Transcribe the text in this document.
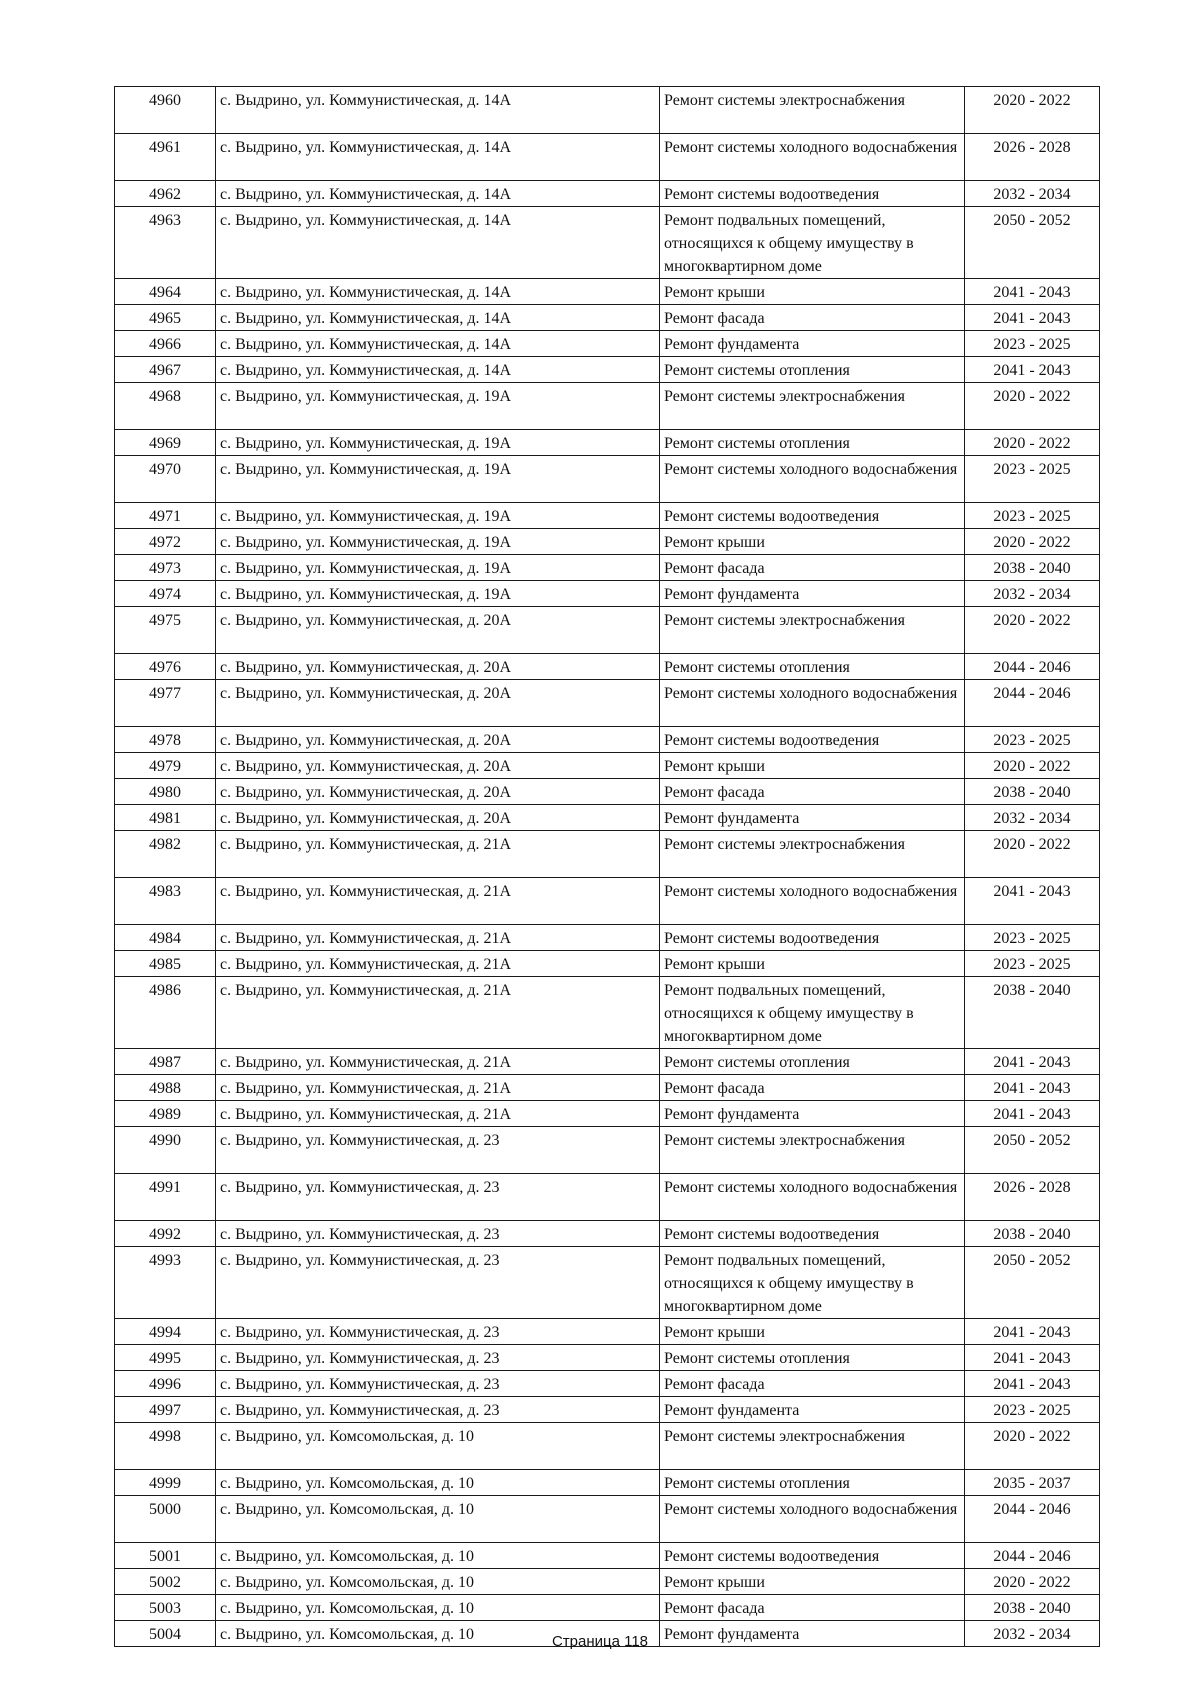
4960	с. Выдрино, ул. Коммунистическая, д. 14А	Ремонт системы электроснабжения	2020 - 2022
4961	с. Выдрино, ул. Коммунистическая, д. 14А	Ремонт системы холодного водоснабжения	2026 - 2028
4962	с. Выдрино, ул. Коммунистическая, д. 14А	Ремонт системы водоотведения	2032 - 2034
4963	с. Выдрино, ул. Коммунистическая, д. 14А	Ремонт подвальных помещений, относящихся к общему имуществу в многоквартирном доме	2050 - 2052
4964	с. Выдрино, ул. Коммунистическая, д. 14А	Ремонт крыши	2041 - 2043
4965	с. Выдрино, ул. Коммунистическая, д. 14А	Ремонт фасада	2041 - 2043
4966	с. Выдрино, ул. Коммунистическая, д. 14А	Ремонт фундамента	2023 - 2025
4967	с. Выдрино, ул. Коммунистическая, д. 14А	Ремонт системы отопления	2041 - 2043
4968	с. Выдрино, ул. Коммунистическая, д. 19А	Ремонт системы электроснабжения	2020 - 2022
4969	с. Выдрино, ул. Коммунистическая, д. 19А	Ремонт системы отопления	2020 - 2022
4970	с. Выдрино, ул. Коммунистическая, д. 19А	Ремонт системы холодного водоснабжения	2023 - 2025
4971	с. Выдрино, ул. Коммунистическая, д. 19А	Ремонт системы водоотведения	2023 - 2025
4972	с. Выдрино, ул. Коммунистическая, д. 19А	Ремонт крыши	2020 - 2022
4973	с. Выдрино, ул. Коммунистическая, д. 19А	Ремонт фасада	2038 - 2040
4974	с. Выдрино, ул. Коммунистическая, д. 19А	Ремонт фундамента	2032 - 2034
4975	с. Выдрино, ул. Коммунистическая, д. 20А	Ремонт системы электроснабжения	2020 - 2022
4976	с. Выдрино, ул. Коммунистическая, д. 20А	Ремонт системы отопления	2044 - 2046
4977	с. Выдрино, ул. Коммунистическая, д. 20А	Ремонт системы холодного водоснабжения	2044 - 2046
4978	с. Выдрино, ул. Коммунистическая, д. 20А	Ремонт системы водоотведения	2023 - 2025
4979	с. Выдрино, ул. Коммунистическая, д. 20А	Ремонт крыши	2020 - 2022
4980	с. Выдрино, ул. Коммунистическая, д. 20А	Ремонт фасада	2038 - 2040
4981	с. Выдрино, ул. Коммунистическая, д. 20А	Ремонт фундамента	2032 - 2034
4982	с. Выдрино, ул. Коммунистическая, д. 21А	Ремонт системы электроснабжения	2020 - 2022
4983	с. Выдрино, ул. Коммунистическая, д. 21А	Ремонт системы холодного водоснабжения	2041 - 2043
4984	с. Выдрино, ул. Коммунистическая, д. 21А	Ремонт системы водоотведения	2023 - 2025
4985	с. Выдрино, ул. Коммунистическая, д. 21А	Ремонт крыши	2023 - 2025
4986	с. Выдрино, ул. Коммунистическая, д. 21А	Ремонт подвальных помещений, относящихся к общему имуществу в многоквартирном доме	2038 - 2040
4987	с. Выдрино, ул. Коммунистическая, д. 21А	Ремонт системы отопления	2041 - 2043
4988	с. Выдрино, ул. Коммунистическая, д. 21А	Ремонт фасада	2041 - 2043
4989	с. Выдрино, ул. Коммунистическая, д. 21А	Ремонт фундамента	2041 - 2043
4990	с. Выдрино, ул. Коммунистическая, д. 23	Ремонт системы электроснабжения	2050 - 2052
4991	с. Выдрино, ул. Коммунистическая, д. 23	Ремонт системы холодного водоснабжения	2026 - 2028
4992	с. Выдрино, ул. Коммунистическая, д. 23	Ремонт системы водоотведения	2038 - 2040
4993	с. Выдрино, ул. Коммунистическая, д. 23	Ремонт подвальных помещений, относящихся к общему имуществу в многоквартирном доме	2050 - 2052
4994	с. Выдрино, ул. Коммунистическая, д. 23	Ремонт крыши	2041 - 2043
4995	с. Выдрино, ул. Коммунистическая, д. 23	Ремонт системы отопления	2041 - 2043
4996	с. Выдрино, ул. Коммунистическая, д. 23	Ремонт фасада	2041 - 2043
4997	с. Выдрино, ул. Коммунистическая, д. 23	Ремонт фундамента	2023 - 2025
4998	с. Выдрино, ул. Комсомольская, д. 10	Ремонт системы электроснабжения	2020 - 2022
4999	с. Выдрино, ул. Комсомольская, д. 10	Ремонт системы отопления	2035 - 2037
5000	с. Выдрино, ул. Комсомольская, д. 10	Ремонт системы холодного водоснабжения	2044 - 2046
5001	с. Выдрино, ул. Комсомольская, д. 10	Ремонт системы водоотведения	2044 - 2046
5002	с. Выдрино, ул. Комсомольская, д. 10	Ремонт крыши	2020 - 2022
5003	с. Выдрино, ул. Комсомольская, д. 10	Ремонт фасада	2038 - 2040
5004	с. Выдрино, ул. Комсомольская, д. 10	Ремонт фундамента	2032 - 2034
Страница 118
